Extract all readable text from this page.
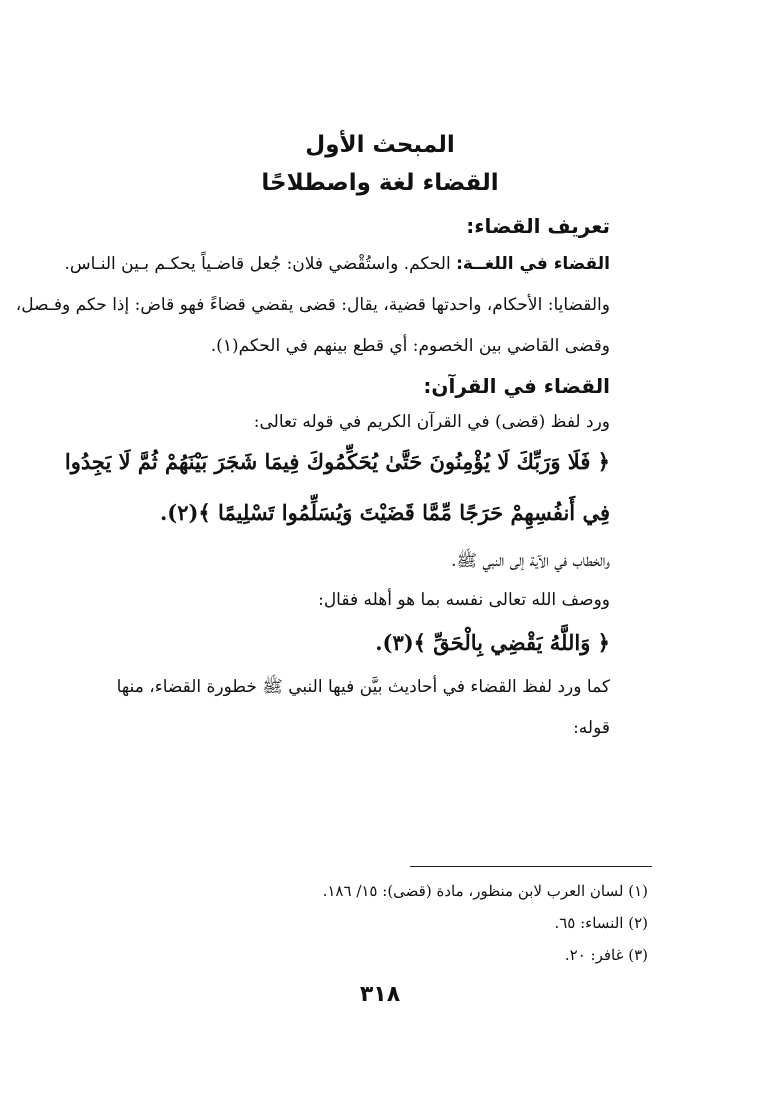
المبحث الأول
القضاء لغة واصطلاحًا
تعريف القضاء:
القضاء في اللغــة: الحكم. واستُقْضي فلان: جُعل قاضـياً يحكـم بـين النـاس.
والقضايا: الأحكام، واحدتها قضية، يقال: قضى يقضي قضاءً فهو قاض: إذا حكم وفـصل،
وقضى القاضي بين الخصوم: أي قطع بينهم في الحكم(١).
القضاء في القرآن:
ورد لفظ (قضى) في القرآن الكريم في قوله تعالى:
﴿ فَلَا وَرَبِّكَ لَا يُؤْمِنُونَ حَتَّىٰ يُحَكِّمُوكَ فِيمَا شَجَرَ بَيْنَهُمْ ثُمَّ لَا يَجِدُوا
فِي أَنفُسِهِمْ حَرَجًا مِّمَّا قَضَيْتَ وَيُسَلِّمُوا تَسْلِيمًا ﴾(٢).
والخطاب في الآية إلى النبي ﷺ.
ووصف الله تعالى نفسه بما هو أهله فقال:
﴿ وَاللَّهُ يَقْضِي بِالْحَقِّ ﴾(٣).
كما ورد لفظ القضاء في أحاديث بيَّن فيها النبي ﷺ خطورة القضاء، منها
قوله:
(١) لسان العرب لابن منظور، مادة (قضى): ١٥/ ١٨٦.
(٢) النساء: ٦٥.
(٣) غافر: ٢٠.
٣١٨
